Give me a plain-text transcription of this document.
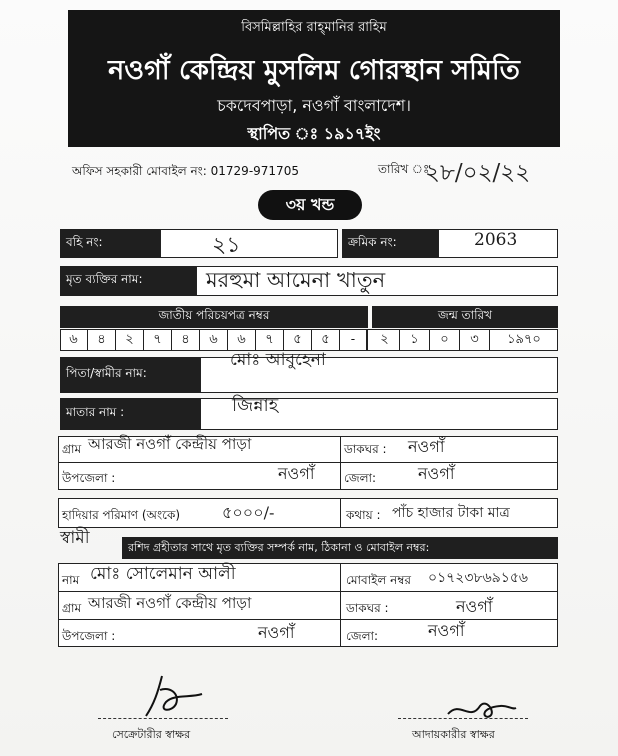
বিসমিল্লাহির রাহ্‌মানির রাহিম
নওগাঁ কেন্দ্রিয় মুসলিম গোরস্থান সমিতি
চকদেবপাড়া, নওগাঁ বাংলাদেশ।
স্থাপিত ঃ ১৯১৭ইং
অফিস সহকারী মোবাইল নং: 01729-971705	তারিখ ঃ
২৮/০২/২২
৩য় খন্ড
বহি নং:	২১	ক্রমিক নং:	2063
মৃত ব্যক্তির নাম:	মরহুমা আমেনা খাতুন
জাতীয় পরিচয়পত্র নম্বর	জন্ম তারিখ
৬	৪	২	৭	৪	৬	৬	৭	৫	৫	-	২	১	০	৩	১৯৭০
পিতা/স্বামীর নাম:
মোঃ আবুহেনা
মাতার নাম :	জিন্নাহ
গ্রাম আরজী নওগাঁ কেন্দ্রীয় পাড়া	ডাকঘর : নওগাঁ
উপজেলা :	নওগাঁ জেলা:	নওগাঁ
হাদিয়ার পরিমাণ (অংকে)	৫০০০/-	কথায় : পাঁচ হাজার টাকা মাত্র
স্বামী	রশিদ গ্রহীতার সাথে মৃত ব্যক্তির সম্পর্ক নাম, ঠিকানা ও মোবাইল নম্বর:
নাম মোঃ সোলেমান আলী	মোবাইল নম্বর ০১৭২৩৮৬৯১৫৬
গ্রাম আরজী নওগাঁ কেন্দ্রীয় পাড়া	ডাকঘর :	নওগাঁ
উপজেলা :	নওগাঁ	জেলা:	নওগাঁ
সেক্রেটারীর স্বাক্ষর	আদায়কারীর স্বাক্ষর
